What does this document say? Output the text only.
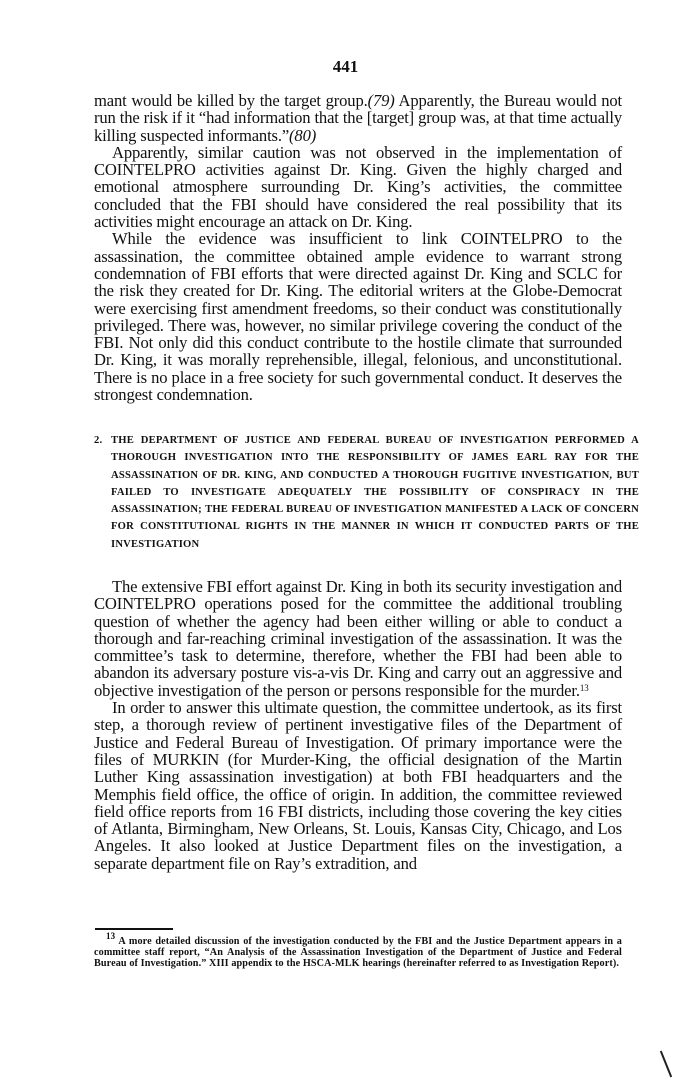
441

mant would be killed by the target group.(79) Apparently, the Bureau would not run the risk if it “had information that the [target] group was, at that time actually killing suspected informants.”(80)

Apparently, similar caution was not observed in the implementation of COINTELPRO activities against Dr. King. Given the highly charged and emotional atmosphere surrounding Dr. King’s activities, the committee concluded that the FBI should have considered the real possibility that its activities might encourage an attack on Dr. King.

While the evidence was insufficient to link COINTELPRO to the assassination, the committee obtained ample evidence to warrant strong condemnation of FBI efforts that were directed against Dr. King and SCLC for the risk they created for Dr. King. The editorial writers at the Globe-Democrat were exercising first amendment freedoms, so their conduct was constitutionally privileged. There was, however, no similar privilege covering the conduct of the FBI. Not only did this conduct contribute to the hostile climate that surrounded Dr. King, it was morally reprehensible, illegal, felonious, and unconstitutional. There is no place in a free society for such governmental conduct. It deserves the strongest condemnation.

2. THE DEPARTMENT OF JUSTICE AND FEDERAL BUREAU OF INVESTIGATION PERFORMED A THOROUGH INVESTIGATION INTO THE RESPONSIBILITY OF JAMES EARL RAY FOR THE ASSASSINATION OF DR. KING, AND CONDUCTED A THOROUGH FUGITIVE INVESTIGATION, BUT FAILED TO INVESTIGATE ADEQUATELY THE POSSIBILITY OF CONSPIRACY IN THE ASSASSINATION; THE FEDERAL BUREAU OF INVESTIGATION MANIFESTED A LACK OF CONCERN FOR CONSTITUTIONAL RIGHTS IN THE MANNER IN WHICH IT CONDUCTED PARTS OF THE INVESTIGATION

The extensive FBI effort against Dr. King in both its security investigation and COINTELPRO operations posed for the committee the additional troubling question of whether the agency had been either willing or able to conduct a thorough and far-reaching criminal investigation of the assassination. It was the committee’s task to determine, therefore, whether the FBI had been able to abandon its adversary posture vis-a-vis Dr. King and carry out an aggressive and objective investigation of the person or persons responsible for the murder.$^{13}$

In order to answer this ultimate question, the committee undertook, as its first step, a thorough review of pertinent investigative files of the Department of Justice and Federal Bureau of Investigation. Of primary importance were the files of MURKIN (for Murder-King, the official designation of the Martin Luther King assassination investigation) at both FBI headquarters and the Memphis field office, the office of origin. In addition, the committee reviewed field office reports from 16 FBI districts, including those covering the key cities of Atlanta, Birmingham, New Orleans, St. Louis, Kansas City, Chicago, and Los Angeles. It also looked at Justice Department files on the investigation, a separate department file on Ray’s extradition, and

$^{13}$ A more detailed discussion of the investigation conducted by the FBI and the Justice Department appears in a committee staff report, “An Analysis of the Assassination Investigation of the Department of Justice and Federal Bureau of Investigation.” XIII appendix to the HSCA-MLK hearings (hereinafter referred to as Investigation Report).
